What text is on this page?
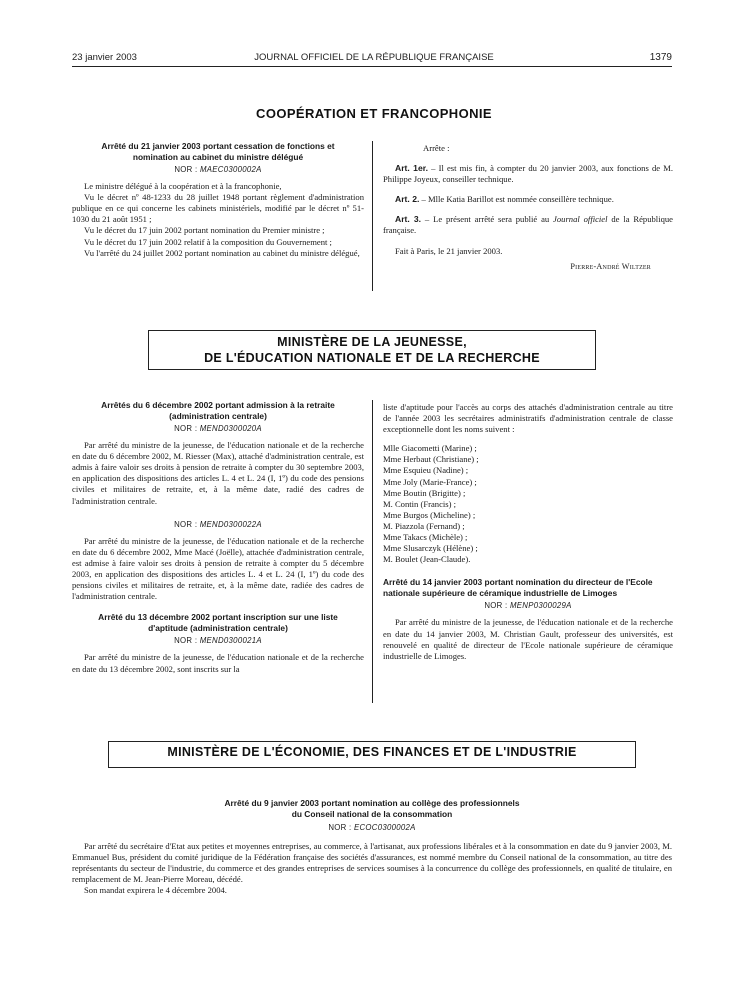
23 janvier 2003	JOURNAL OFFICIEL DE LA RÉPUBLIQUE FRANÇAISE	1379
COOPÉRATION ET FRANCOPHONIE
Arrêté du 21 janvier 2003 portant cessation de fonctions et nomination au cabinet du ministre délégué
NOR : MAEC0300002A

Le ministre délégué à la coopération et à la francophonie,

Vu le décret nº 48-1233 du 28 juillet 1948 portant règlement d'administration publique en ce qui concerne les cabinets ministériels, modifié par le décret nº 51-1030 du 21 août 1951 ;

Vu le décret du 17 juin 2002 portant nomination du Premier ministre ;

Vu le décret du 17 juin 2002 relatif à la composition du Gouvernement ;

Vu l'arrêté du 24 juillet 2002 portant nomination au cabinet du ministre délégué,

Arrête :

Art. 1er. – Il est mis fin, à compter du 20 janvier 2003, aux fonctions de M. Philippe Joyeux, conseiller technique.

Art. 2. – Mlle Katia Barillot est nommée conseillère technique.

Art. 3. – Le présent arrêté sera publié au Journal officiel de la République française.

Fait à Paris, le 21 janvier 2003.

Pierre-André Wiltzer

MINISTÈRE DE LA JEUNESSE,
DE L'ÉDUCATION NATIONALE ET DE LA RECHERCHE
Arrêtés du 6 décembre 2002 portant admission à la retraite (administration centrale)
NOR : MEND0300020A

Par arrêté du ministre de la jeunesse, de l'éducation nationale et de la recherche en date du 6 décembre 2002, M. Riesser (Max), attaché d'administration centrale, est admis à faire valoir ses droits à pension de retraite à compter du 30 septembre 2003, en application des dispositions des articles L. 4 et L. 24 (I, 1º) du code des pensions civiles et militaires de retraite, et, à la même date, radié des cadres de l'administration centrale.

NOR : MEND0300022A

Par arrêté du ministre de la jeunesse, de l'éducation nationale et de la recherche en date du 6 décembre 2002, Mme Macé (Joëlle), attachée d'administration centrale, est admise à faire valoir ses droits à pension de retraite à compter du 5 décembre 2003, en application des dispositions des articles L. 4 et L. 24 (I, 1º) du code des pensions civiles et militaires de retraite, et, à la même date, radiée des cadres de l'administration centrale.

Arrêté du 13 décembre 2002 portant inscription sur une liste d'aptitude (administration centrale)
NOR : MEND0300021A

Par arrêté du ministre de la jeunesse, de l'éducation nationale et de la recherche en date du 13 décembre 2002, sont inscrits sur la

liste d'aptitude pour l'accès au corps des attachés d'administration centrale au titre de l'année 2003 les secrétaires administratifs d'administration centrale de classe exceptionnelle dont les noms suivent :

Mlle Giacometti (Marine) ;
Mme Herbaut (Christiane) ;
Mme Esquieu (Nadine) ;
Mme Joly (Marie-France) ;
Mme Boutin (Brigitte) ;
M. Contin (Francis) ;
Mme Burgos (Micheline) ;
M. Piazzola (Fernand) ;
Mme Takacs (Michèle) ;
Mme Slusarczyk (Hélène) ;
M. Boulet (Jean-Claude).
Arrêté du 14 janvier 2003 portant nomination du directeur de l'Ecole nationale supérieure de céramique industrielle de Limoges
NOR : MENP0300029A

Par arrêté du ministre de la jeunesse, de l'éducation nationale et de la recherche en date du 14 janvier 2003, M. Christian Gault, professeur des universités, est renouvelé en qualité de directeur de l'Ecole nationale supérieure de céramique industrielle de Limoges.

MINISTÈRE DE L'ÉCONOMIE, DES FINANCES ET DE L'INDUSTRIE
Arrêté du 9 janvier 2003 portant nomination au collège des professionnels
du Conseil national de la consommation
NOR : ECOC0300002A

Par arrêté du secrétaire d'Etat aux petites et moyennes entreprises, au commerce, à l'artisanat, aux professions libérales et à la consommation en date du 9 janvier 2003, M. Emmanuel Bus, président du comité juridique de la Fédération française des sociétés d'assurances, est nommé membre du Conseil national de la consommation, au titre des représentants du secteur de l'industrie, du commerce et des grandes entreprises de services soumises à la concurrence du collège des professionnels, en qualité de titulaire, en remplacement de M. Jean-Pierre Moreau, décédé.

Son mandat expirera le 4 décembre 2004.
